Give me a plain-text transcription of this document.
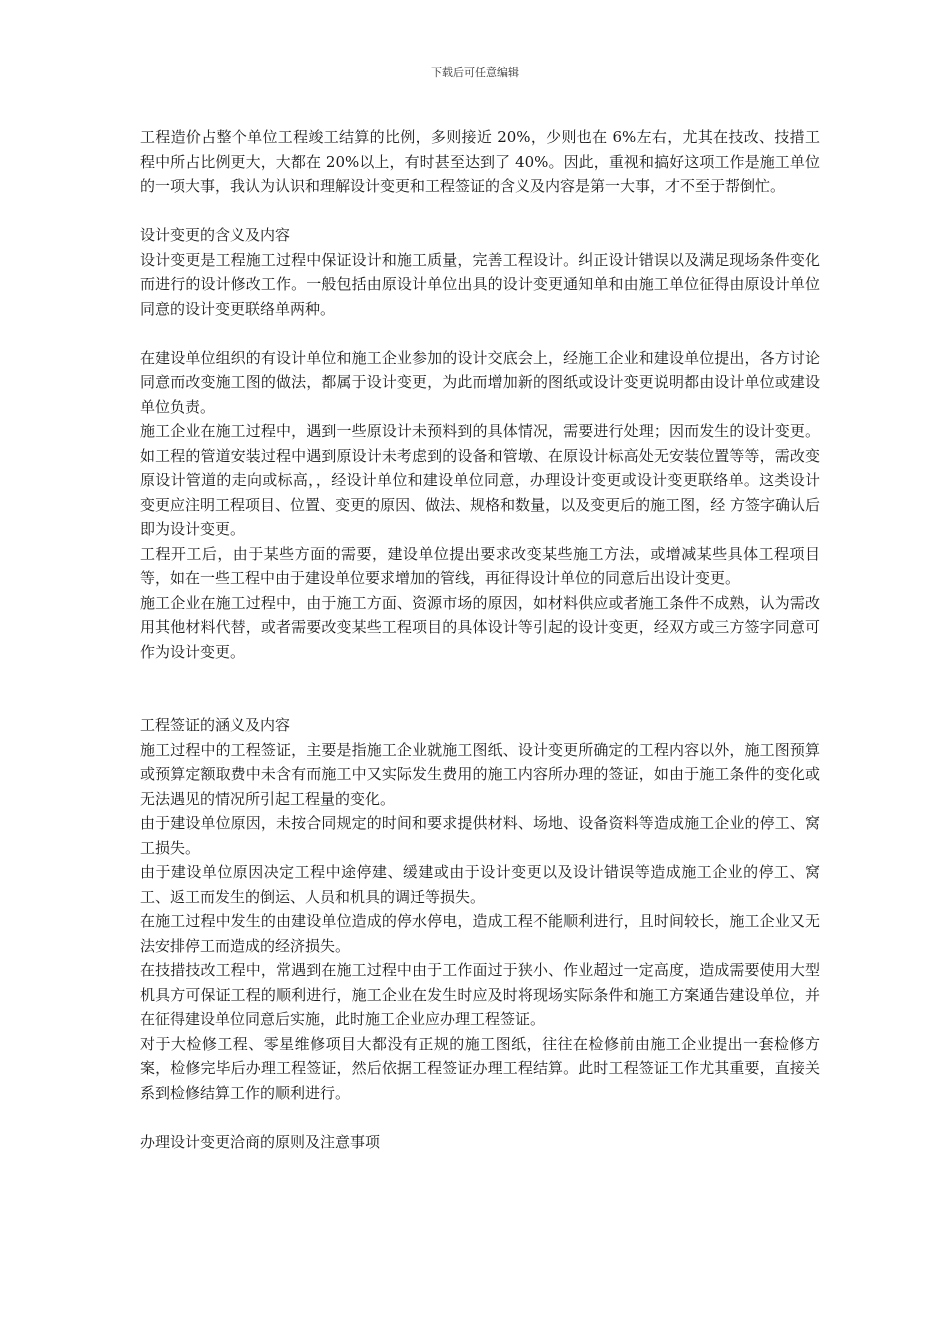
下载后可任意编辑

工程造价占整个单位工程竣工结算的比例，多则接近 20%，少则也在 6%左右，尤其在技改、技措工程中所占比例更大，大都在 20%以上，有时甚至达到了 40%。因此，重视和搞好这项工作是施工单位的一项大事，我认为认识和理解设计变更和工程签证的含义及内容是第一大事，才不至于帮倒忙。

设计变更的含义及内容

设计变更是工程施工过程中保证设计和施工质量，完善工程设计。纠正设计错误以及满足现场条件变化而进行的设计修改工作。一般包括由原设计单位出具的设计变更通知单和由施工单位征得由原设计单位同意的设计变更联络单两种。

在建设单位组织的有设计单位和施工企业参加的设计交底会上，经施工企业和建设单位提出，各方讨论同意而改变施工图的做法，都属于设计变更，为此而增加新的图纸或设计变更说明都由设计单位或建设单位负责。

施工企业在施工过程中，遇到一些原设计未预料到的具体情况，需要进行处理；因而发生的设计变更。如工程的管道安装过程中遇到原设计未考虑到的设备和管墩、在原设计标高处无安装位置等等，需改变原设计管道的走向或标高，，经设计单位和建设单位同意，办理设计变更或设计变更联络单。这类设计变更应注明工程项目、位置、变更的原因、做法、规格和数量，以及变更后的施工图，经 方签字确认后即为设计变更。

工程开工后，由于某些方面的需要，建设单位提出要求改变某些施工方法，或增减某些具体工程项目等，如在一些工程中由于建设单位要求增加的管线，再征得设计单位的同意后出设计变更。

施工企业在施工过程中，由于施工方面、资源市场的原因，如材料供应或者施工条件不成熟，认为需改用其他材料代替，或者需要改变某些工程项目的具体设计等引起的设计变更，经双方或三方签字同意可作为设计变更。

工程签证的涵义及内容

施工过程中的工程签证，主要是指施工企业就施工图纸、设计变更所确定的工程内容以外，施工图预算或预算定额取费中未含有而施工中又实际发生费用的施工内容所办理的签证，如由于施工条件的变化或无法遇见的情况所引起工程量的变化。

由于建设单位原因，未按合同规定的时间和要求提供材料、场地、设备资料等造成施工企业的停工、窝工损失。

由于建设单位原因决定工程中途停建、缓建或由于设计变更以及设计错误等造成施工企业的停工、窝工、返工而发生的倒运、人员和机具的调迁等损失。

在施工过程中发生的由建设单位造成的停水停电，造成工程不能顺利进行，且时间较长，施工企业又无法安排停工而造成的经济损失。

在技措技改工程中，常遇到在施工过程中由于工作面过于狭小、作业超过一定高度，造成需要使用大型机具方可保证工程的顺利进行，施工企业在发生时应及时将现场实际条件和施工方案通告建设单位，并在征得建设单位同意后实施，此时施工企业应办理工程签证。

对于大检修工程、零星维修项目大都没有正规的施工图纸，往往在检修前由施工企业提出一套检修方案，检修完毕后办理工程签证，然后依据工程签证办理工程结算。此时工程签证工作尤其重要，直接关系到检修结算工作的顺利进行。

办理设计变更洽商的原则及注意事项
